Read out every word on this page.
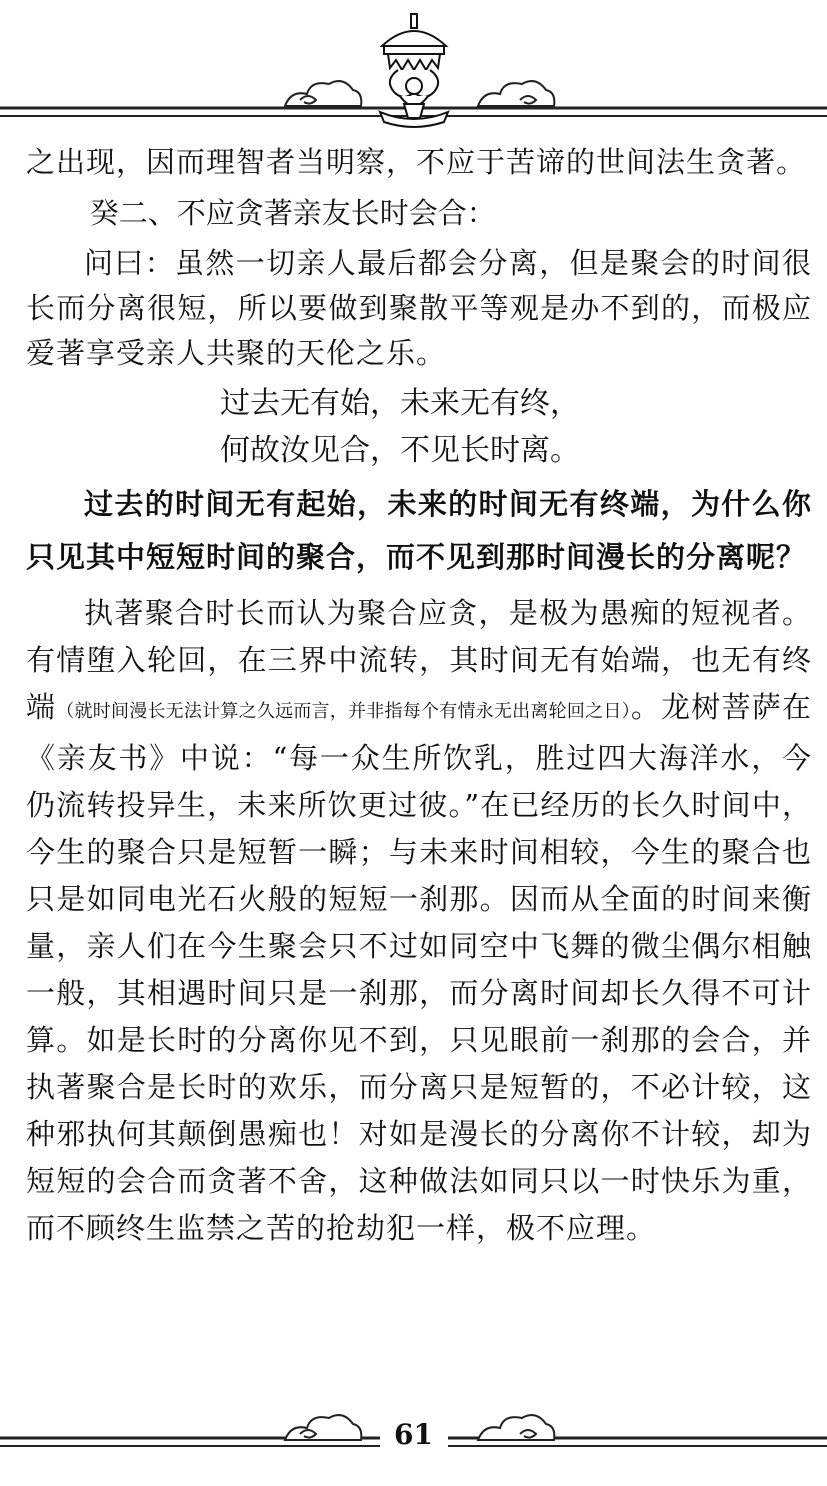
之出现，因而理智者当明察，不应于苦谛的世间法生贪著。

癸二、不应贪著亲友长时会合：

问曰：虽然一切亲人最后都会分离，但是聚会的时间很长而分离很短，所以要做到聚散平等观是办不到的，而极应爱著享受亲人共聚的天伦之乐。

过去无有始，未来无有终，

何故汝见合，不见长时离。

过去的时间无有起始，未来的时间无有终端，为什么你只见其中短短时间的聚合，而不见到那时间漫长的分离呢？

执著聚合时长而认为聚合应贪，是极为愚痴的短视者。有情堕入轮回，在三界中流转，其时间无有始端，也无有终端（就时间漫长无法计算之久远而言，并非指每个有情永无出离轮回之日）。龙树菩萨在《亲友书》中说：“每一众生所饮乳，胜过四大海洋水，今仍流转投异生，未来所饮更过彼。”在已经历的长久时间中，今生的聚合只是短暂一瞬；与未来时间相较，今生的聚合也只是如同电光石火般的短短一刹那。因而从全面的时间来衡量，亲人们在今生聚会只不过如同空中飞舞的微尘偶尔相触一般，其相遇时间只是一刹那，而分离时间却长久得不可计算。如是长时的分离你见不到，只见眼前一刹那的会合，并执著聚合是长时的欢乐，而分离只是短暂的，不必计较，这种邪执何其颠倒愚痴也！对如是漫长的分离你不计较，却为短短的会合而贪著不舍，这种做法如同只以一时快乐为重，而不顾终生监禁之苦的抢劫犯一样，极不应理。

61
